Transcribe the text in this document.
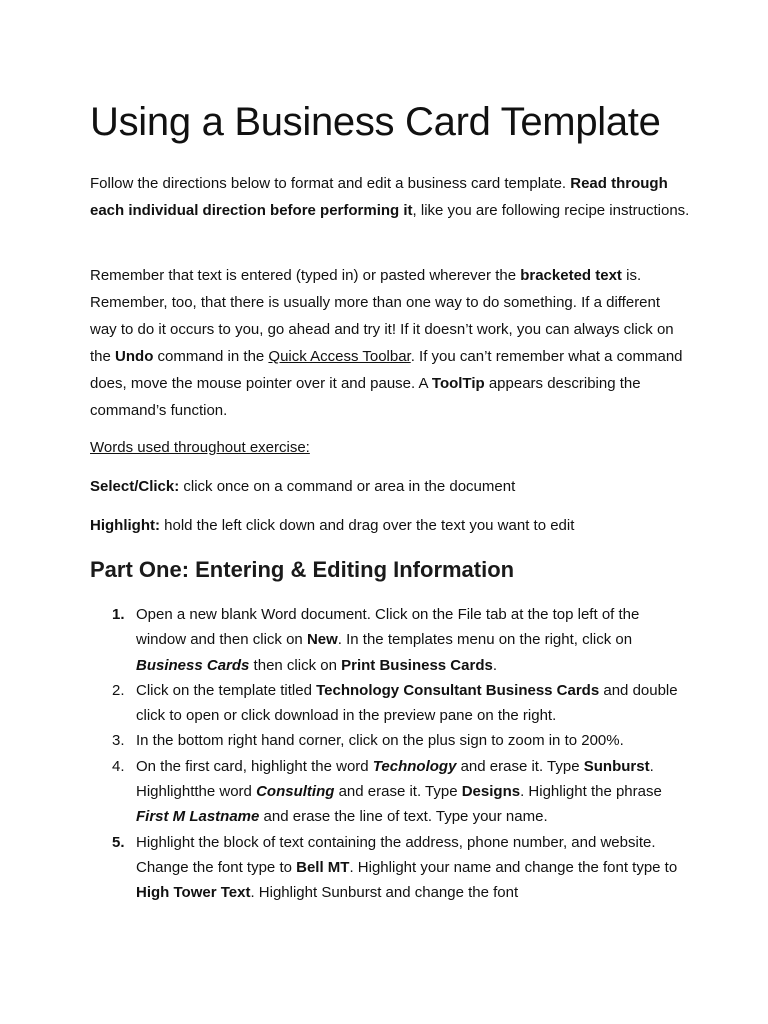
Using a Business Card Template

Follow the directions below to format and edit a business card template. Read through each individual direction before performing it, like you are following recipe instructions.

Remember that text is entered (typed in) or pasted wherever the bracketed text is. Remember, too, that there is usually more than one way to do something. If a different way to do it occurs to you, go ahead and try it! If it doesn’t work, you can always click on the Undo command in the Quick Access Toolbar. If you can’t remember what a command does, move the mouse pointer over it and pause. A ToolTip appears describing the command’s function.

Words used throughout exercise:

Select/Click: click once on a command or area in the document

Highlight: hold the left click down and drag over the text you want to edit

Part One: Entering & Editing Information
1. Open a new blank Word document. Click on the File tab at the top left of the window and then click on New. In the templates menu on the right, click on Business Cards then click on Print Business Cards.
2. Click on the template titled Technology Consultant Business Cards and double click to open or click download in the preview pane on the right.
3. In the bottom right hand corner, click on the plus sign to zoom in to 200%.
4. On the first card, highlight the word Technology and erase it. Type Sunburst. Highlightthe word Consulting and erase it. Type Designs. Highlight the phrase First M Lastname and erase the line of text. Type your name.
5. Highlight the block of text containing the address, phone number, and website. Change the font type to Bell MT. Highlight your name and change the font type to High Tower Text. Highlight Sunburst and change the font
